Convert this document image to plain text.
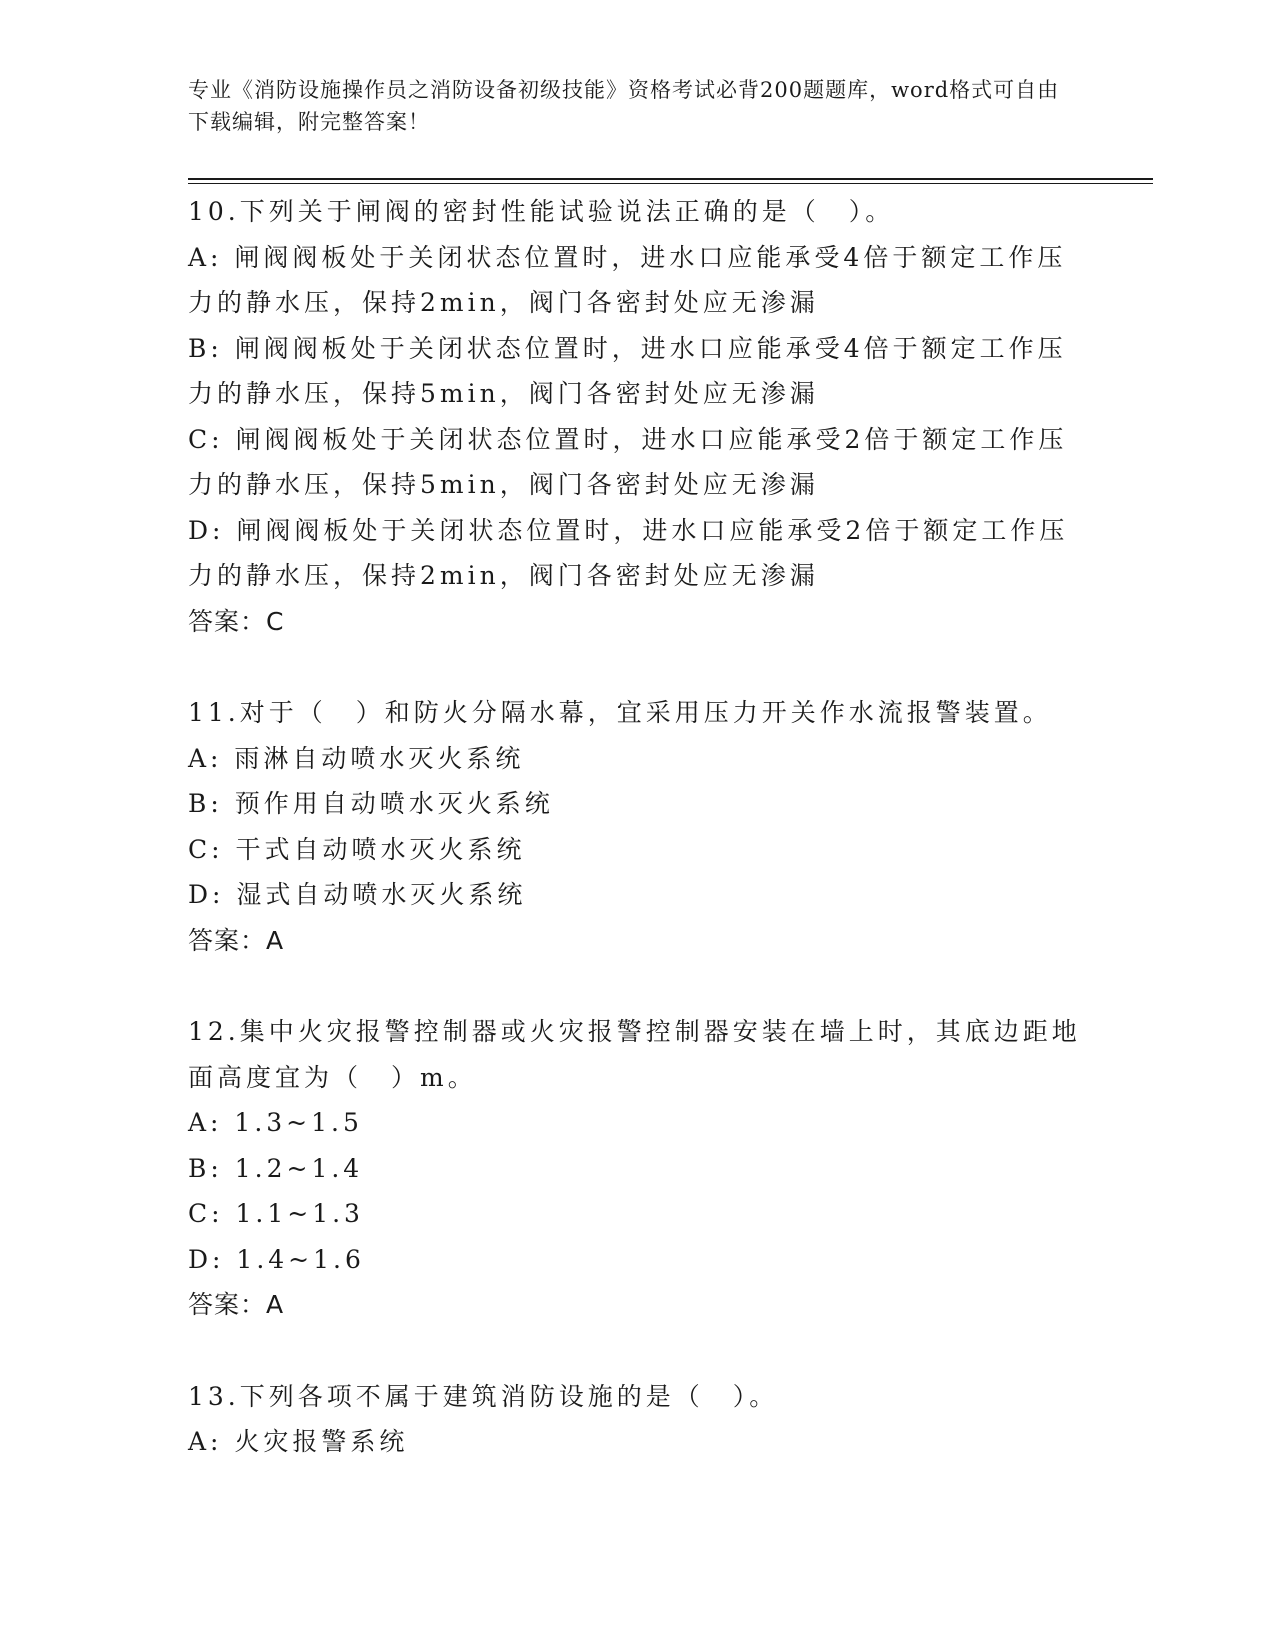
专业《消防设施操作员之消防设备初级技能》资格考试必背200题题库，word格式可自由下载编辑，附完整答案！
10.下列关于闸阀的密封性能试验说法正确的是（　）。
A: 闸阀阀板处于关闭状态位置时，进水口应能承受4倍于额定工作压
力的静水压，保持2min，阀门各密封处应无渗漏
B: 闸阀阀板处于关闭状态位置时，进水口应能承受4倍于额定工作压
力的静水压，保持5min，阀门各密封处应无渗漏
C: 闸阀阀板处于关闭状态位置时，进水口应能承受2倍于额定工作压
力的静水压，保持5min，阀门各密封处应无渗漏
D: 闸阀阀板处于关闭状态位置时，进水口应能承受2倍于额定工作压
力的静水压，保持2min，阀门各密封处应无渗漏
答案：C
11.对于（　）和防火分隔水幕，宜采用压力开关作水流报警装置。
A: 雨淋自动喷水灭火系统
B: 预作用自动喷水灭火系统
C: 干式自动喷水灭火系统
D: 湿式自动喷水灭火系统
答案：A
12.集中火灾报警控制器或火灾报警控制器安装在墙上时，其底边距地
面高度宜为（　）m。
A: 1.3~1.5
B: 1.2~1.4
C: 1.1~1.3
D: 1.4~1.6
答案：A
13.下列各项不属于建筑消防设施的是（　）。
A: 火灾报警系统
